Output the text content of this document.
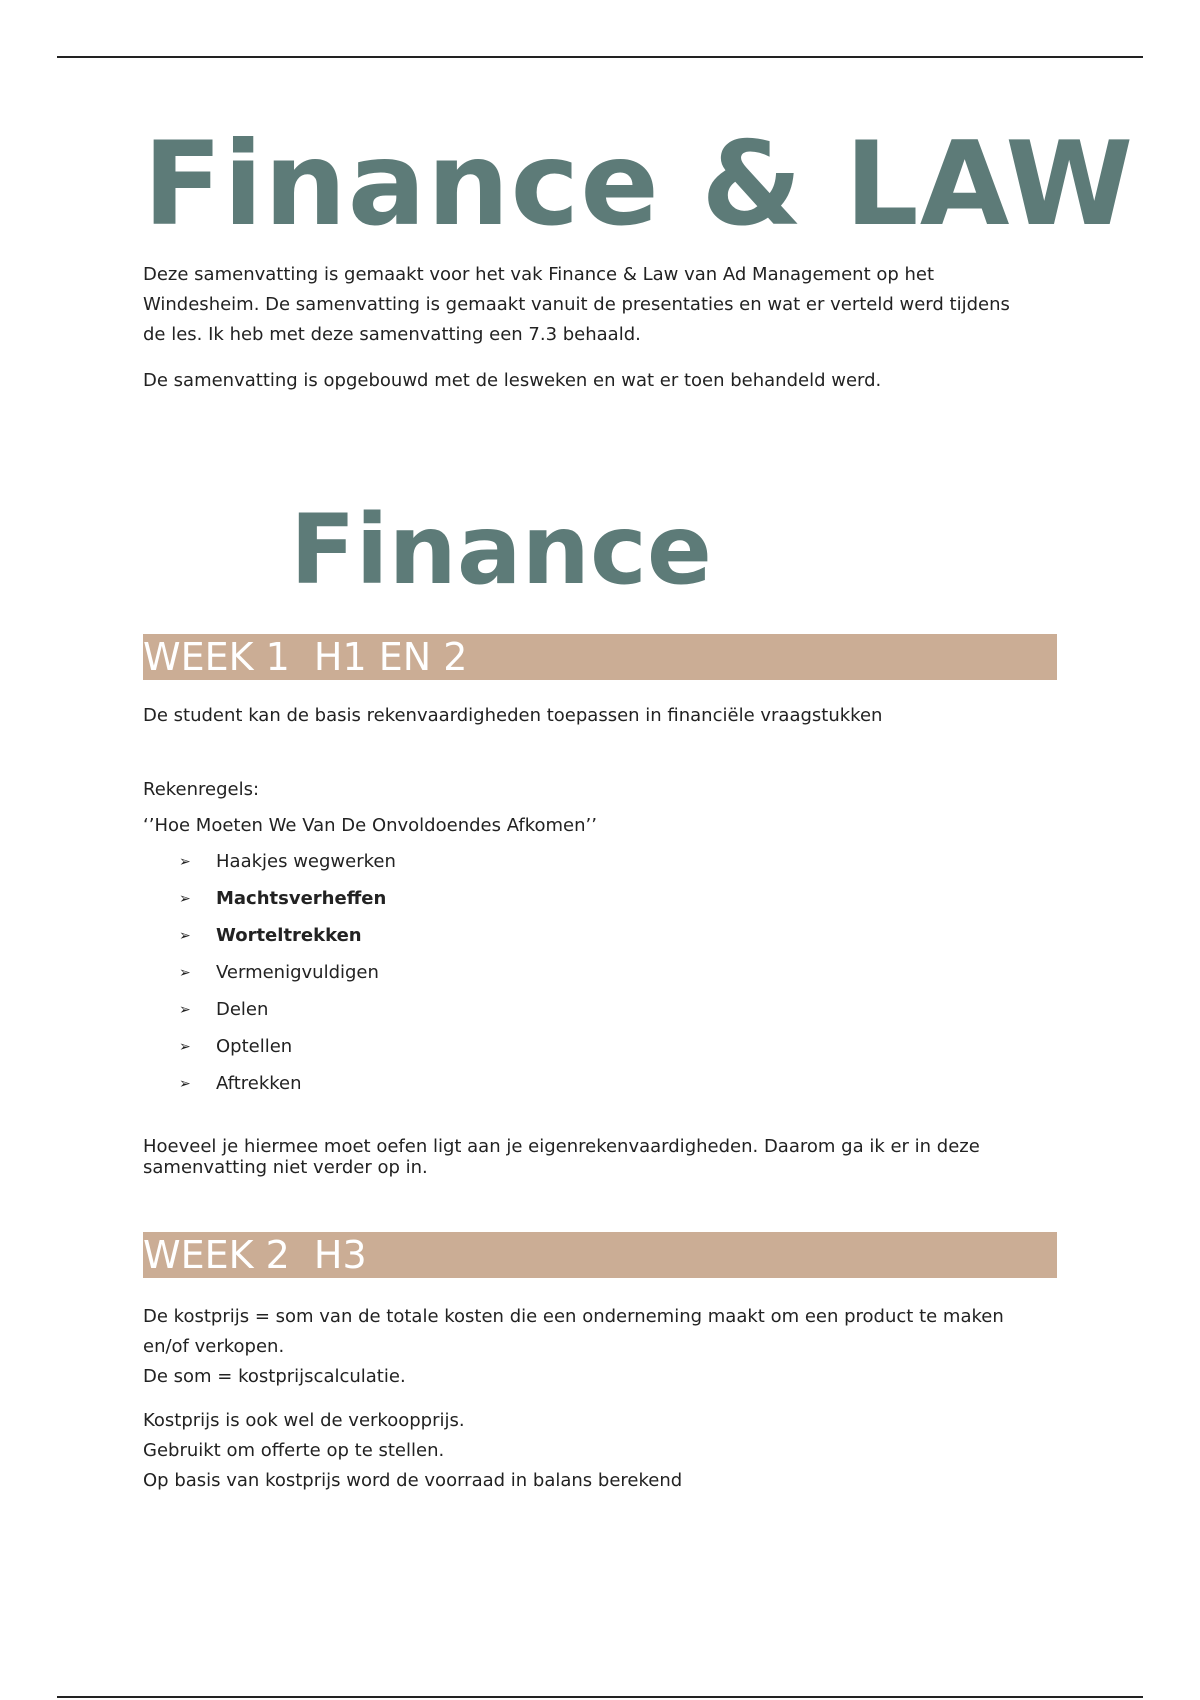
Finance & LAW

Deze samenvatting is gemaakt voor het vak Finance & Law van Ad Management op het
Windesheim. De samenvatting is gemaakt vanuit de presentaties en wat er verteld werd tijdens
de les. Ik heb met deze samenvatting een 7.3 behaald.

De samenvatting is opgebouwd met de lesweken en wat er toen behandeld werd.

Finance
WEEK 1  H1 EN 2

De student kan de basis rekenvaardigheden toepassen in financiële vraagstukken

Rekenregels:

‘’Hoe Moeten We Van De Onvoldoendes Afkomen’’

➢ Haakjes wegwerken
➢ Machtsverheffen
➢ Worteltrekken
➢ Vermenigvuldigen
➢ Delen
➢ Optellen
➢ Aftrekken

Hoeveel je hiermee moet oefen ligt aan je eigenrekenvaardigheden. Daarom ga ik er in deze
samenvatting niet verder op in.

WEEK 2  H3

De kostprijs = som van de totale kosten die een onderneming maakt om een product te maken
en/of verkopen.
De som = kostprijscalculatie.

Kostprijs is ook wel de verkoopprijs.
Gebruikt om offerte op te stellen.
Op basis van kostprijs word de voorraad in balans berekend
